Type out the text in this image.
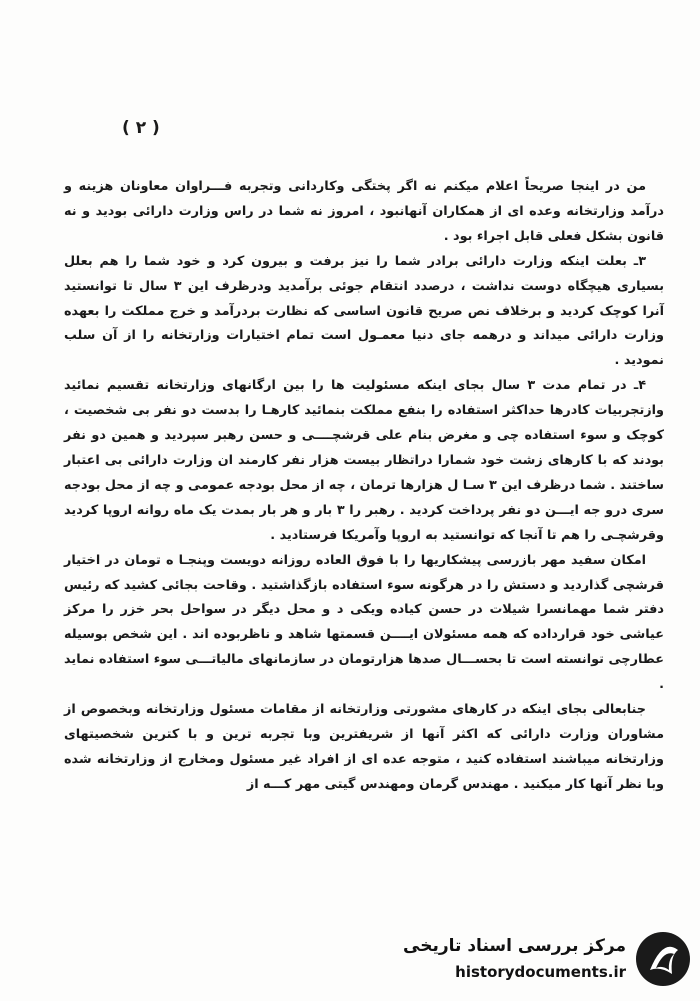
( ۲ )

من در اینجا صریحاً اعلام میکنم نه اگر پختگی وکاردانی وتجربه فـــراوان معاونان هزینه و درآمد وزارتخانه وعده ای از همکاران آنهانبود ، امروز نه شما در راس وزارت دارائی بودید و نه قانون بشکل فعلی قابل اجراء بود .

۳ـ بعلت اینکه وزارت دارائی برادر شما را نیز برفت و بیرون کرد و خود شما را هم بعلل بسیاری هیچگاه دوست نداشت ، درصدد انتقام جوئی برآمدید ودرظرف این ۳ سال تا توانستید آنرا کوچک کردید و برخلاف نص صریح قانون اساسی که نظارت بردرآمد و خرج مملکت را بعهده وزارت دارائی میداند و درهمه جای دنیا معمـول است تمام اختیارات وزارتخانه را از آن سلب نمودید .

۴ـ در تمام مدت ۳ سال بجای اینکه مسئولیت ها را بین ارگانهای وزارتخانه تقسیم نمائید وازتجربیات کادرها حداکثر استفاده را بنفع مملکت بنمائید کارهـا را بدست دو نفر بی شخصیت ، کوچک و سوء استفاده چی و مغرض بنام علی قرشچــــی و حسن رهبر سپردید و همین دو نفر بودند که با کارهای زشت خود شمارا دراتظار بیست هزار نفر کارمند ان وزارت دارائی بی اعتبار ساختند . شما درظرف این ۳ سـا ل هزارها ترمان ، چه از محل بودجه عمومی و چه از محل بودجه سری درو جه ایـــن دو نفر پرداخت کردید . رهبر را ۳ بار و هر بار بمدت یک ماه روانه اروپا کردید وقرشچـی را هم تا آنجا که توانستید به اروپا وآمریکا فرستادید .

امکان سفید مهر بازرسی پیشکاریها را با فوق العاده روزانه دویست وپنجـا ه تومان در اختیار قرشچی گذاردید و دستش را در هرگونه سوء استفاده بازگذاشتید . وقاحت بجائی کشید که رئیس دفتر شما مهمانسرا شیلات در حسن کیاده ویکی د و محل دیگر در سواحل بحر خزر را مرکز عیاشی خود قرارداده که همه مسئولان ایــــن قسمتها شاهد و ناظربوده اند . این شخص بوسیله عطارچی توانسته است تا بحســـال صدها هزارتومان در سازمانهای مالیاتـــی سوء استفاده نماید .

جنابعالی بجای اینکه در کارهای مشورتی وزارتخانه از مقامات مسئول وزارتخانه وبخصوص از مشاوران وزارت دارائی که اکثر آنها از شریفترین وبا تجربه ترین و با کترین شخصیتهای وزارتخانه میباشند استفاده کنید ، متوجه عده ای از افراد غیر مسئول ومخارج از وزارتخانه شده وبا نظر آنها کار میکنید . مهندس گرمان ومهندس گیتی مهر کـــه از

مرکز بررسی اسناد تاریخی
historydocuments.ir
